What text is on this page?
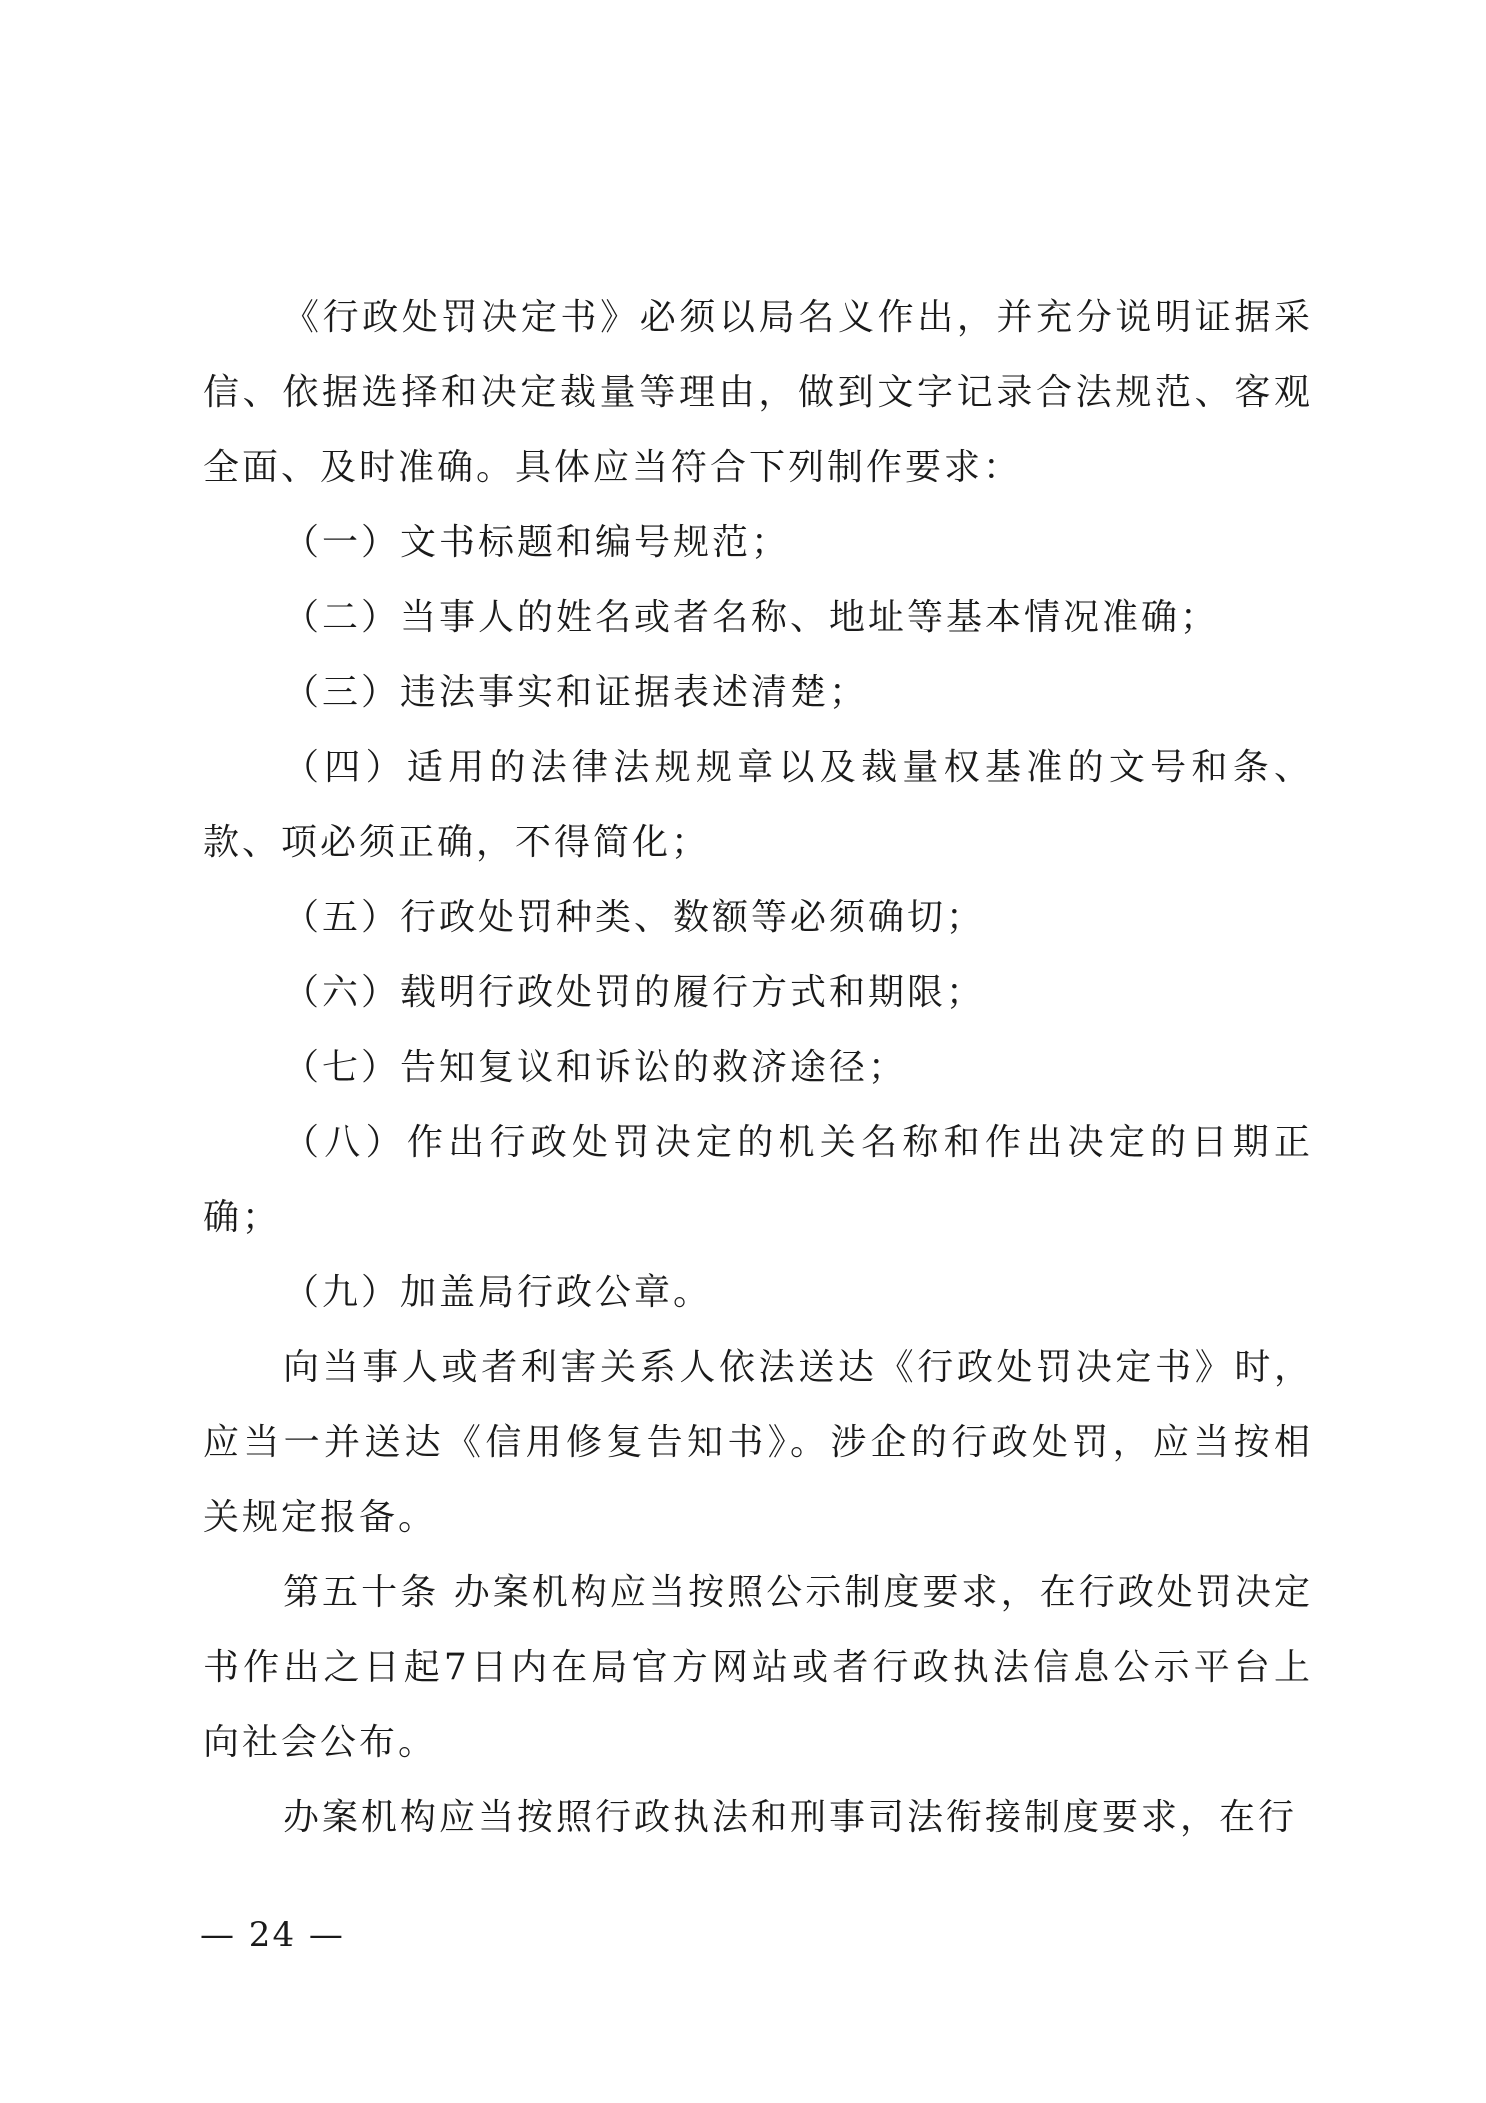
《行政处罚决定书》必须以局名义作出，并充分说明证据采信、依据选择和决定裁量等理由，做到文字记录合法规范、客观全面、及时准确。具体应当符合下列制作要求：

（一）文书标题和编号规范；

（二）当事人的姓名或者名称、地址等基本情况准确；

（三）违法事实和证据表述清楚；

（四）适用的法律法规规章以及裁量权基准的文号和条、款、项必须正确，不得简化；

（五）行政处罚种类、数额等必须确切；

（六）载明行政处罚的履行方式和期限；

（七）告知复议和诉讼的救济途径；

（八）作出行政处罚决定的机关名称和作出决定的日期正确；

（九）加盖局行政公章。

向当事人或者利害关系人依法送达《行政处罚决定书》时，应当一并送达《信用修复告知书》。涉企的行政处罚，应当按相关规定报备。

第五十条 办案机构应当按照公示制度要求，在行政处罚决定书作出之日起7日内在局官方网站或者行政执法信息公示平台上向社会公布。

办案机构应当按照行政执法和刑事司法衔接制度要求，在行

— 24 —
